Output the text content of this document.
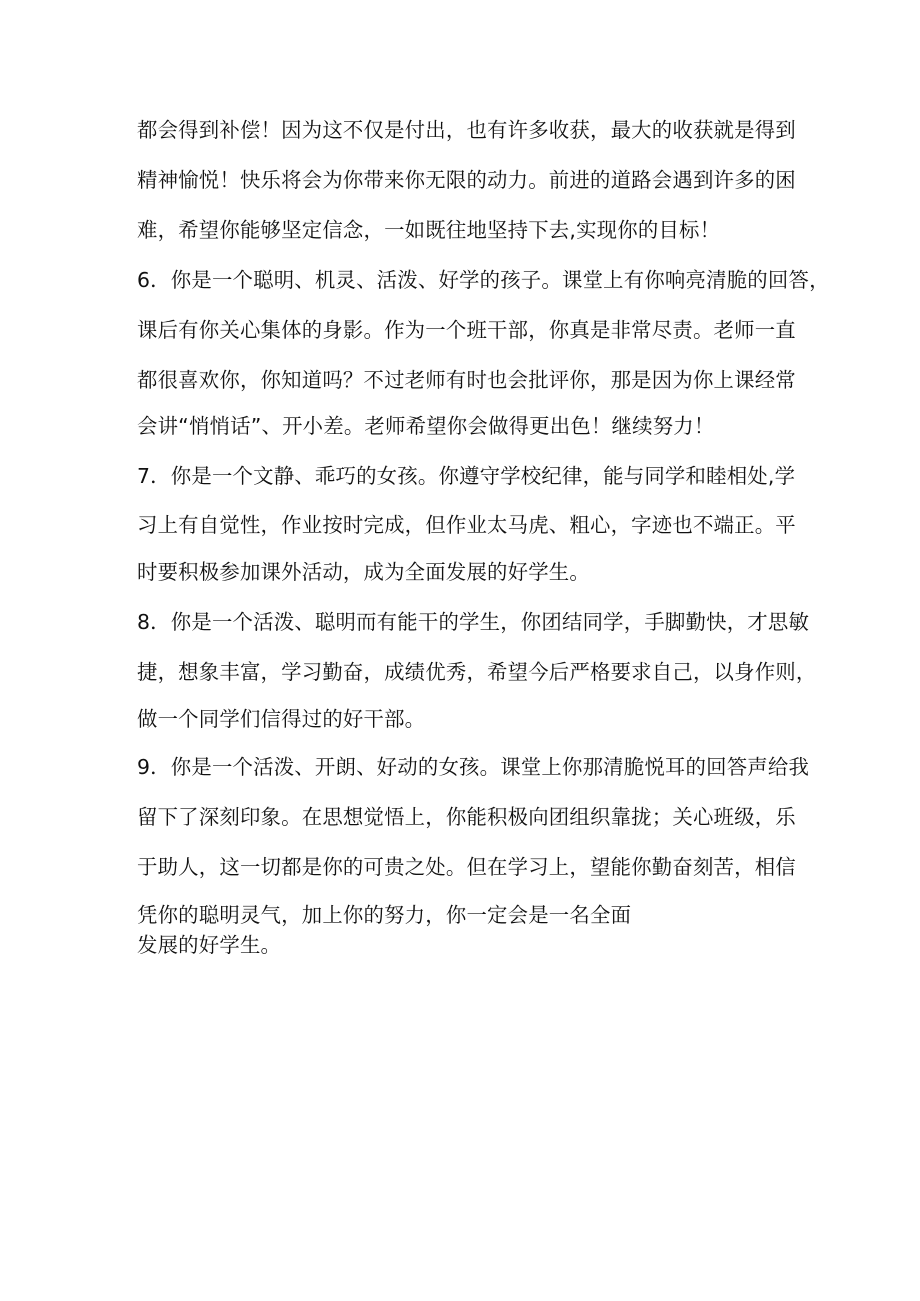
都会得到补偿！因为这不仅是付出，也有许多收获，最大的收获就是得到
精神愉悦！快乐将会为你带来你无限的动力。前进的道路会遇到许多的困
难，希望你能够坚定信念，一如既往地坚持下去,实现你的目标！
6．你是一个聪明、机灵、活泼、好学的孩子。课堂上有你响亮清脆的回答，
课后有你关心集体的身影。作为一个班干部，你真是非常尽责。老师一直
都很喜欢你，你知道吗？不过老师有时也会批评你，那是因为你上课经常
会讲“悄悄话”、开小差。老师希望你会做得更出色！继续努力！
7．你是一个文静、乖巧的女孩。你遵守学校纪律，能与同学和睦相处,学
习上有自觉性，作业按时完成，但作业太马虎、粗心，字迹也不端正。平
时要积极参加课外活动，成为全面发展的好学生。
8．你是一个活泼、聪明而有能干的学生，你团结同学，手脚勤快，才思敏
捷，想象丰富，学习勤奋，成绩优秀，希望今后严格要求自己，以身作则，
做一个同学们信得过的好干部。
9．你是一个活泼、开朗、好动的女孩。课堂上你那清脆悦耳的回答声给我
留下了深刻印象。在思想觉悟上，你能积极向团组织靠拢；关心班级，乐
于助人，这一切都是你的可贵之处。但在学习上，望能你勤奋刻苦，相信
凭你的聪明灵气，加上你的努力，你一定会是一名全面
发展的好学生。
